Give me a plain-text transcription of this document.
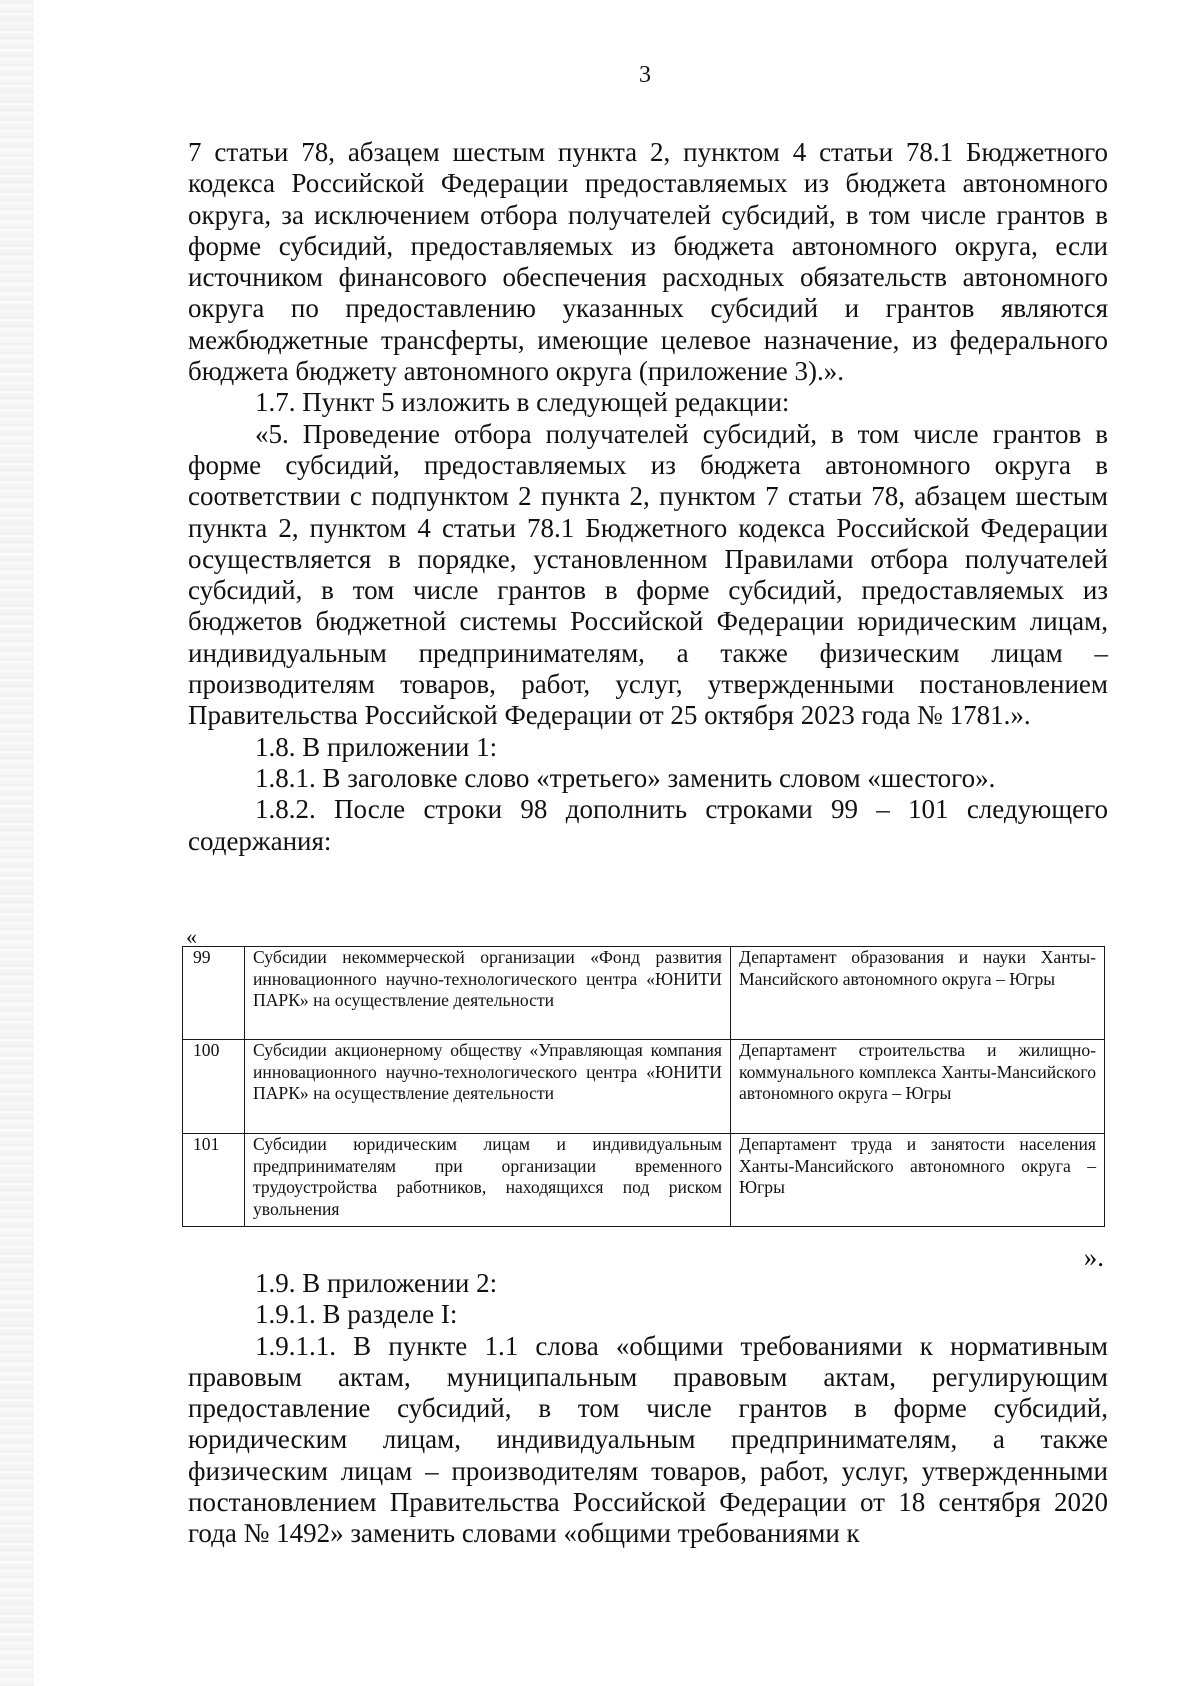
3

7 статьи 78, абзацем шестым пункта 2, пунктом 4 статьи 78.1 Бюджетного кодекса Российской Федерации предоставляемых из бюджета автономного округа, за исключением отбора получателей субсидий, в том числе грантов в форме субсидий, предоставляемых из бюджета автономного округа, если источником финансового обеспечения расходных обязательств автономного округа по предоставлению указанных субсидий и грантов являются межбюджетные трансферты, имеющие целевое назначение, из федерального бюджета бюджету автономного округа (приложение 3).».

1.7. Пункт 5 изложить в следующей редакции:

«5. Проведение отбора получателей субсидий, в том числе грантов в форме субсидий, предоставляемых из бюджета автономного округа в соответствии с подпунктом 2 пункта 2, пунктом 7 статьи 78, абзацем шестым пункта 2, пунктом 4 статьи 78.1 Бюджетного кодекса Российской Федерации осуществляется в порядке, установленном Правилами отбора получателей субсидий, в том числе грантов в форме субсидий, предоставляемых из бюджетов бюджетной системы Российской Федерации юридическим лицам, индивидуальным предпринимателям, а также физическим лицам – производителям товаров, работ, услуг, утвержденными постановлением Правительства Российской Федерации от 25 октября 2023 года № 1781.».

1.8. В приложении 1:

1.8.1. В заголовке слово «третьего» заменить словом «шестого».

1.8.2. После строки 98 дополнить строками 99 – 101 следующего содержания:

«
99	Субсидии некоммерческой организации «Фонд развития инновационного научно-технологического центра «ЮНИТИ ПАРК» на осуществление деятельности	Департамент образования и науки Ханты-Мансийского автономного округа – Югры
100	Субсидии акционерному обществу «Управляющая компания инновационного научно-технологического центра «ЮНИТИ ПАРК» на осуществление деятельности	Департамент строительства и жилищно-коммунального комплекса Ханты-Мансийского автономного округа – Югры
101	Субсидии юридическим лицам и индивидуальным предпринимателям при организации временного трудоустройства работников, находящихся под риском увольнения	Департамент труда и занятости населения Ханты-Мансийского автономного округа – Югры
».

1.9. В приложении 2:

1.9.1. В разделе I:

1.9.1.1. В пункте 1.1 слова «общими требованиями к нормативным правовым актам, муниципальным правовым актам, регулирующим предоставление субсидий, в том числе грантов в форме субсидий, юридическим лицам, индивидуальным предпринимателям, а также физическим лицам – производителям товаров, работ, услуг, утвержденными постановлением Правительства Российской Федерации от 18 сентября 2020 года № 1492» заменить словами «общими требованиями к
